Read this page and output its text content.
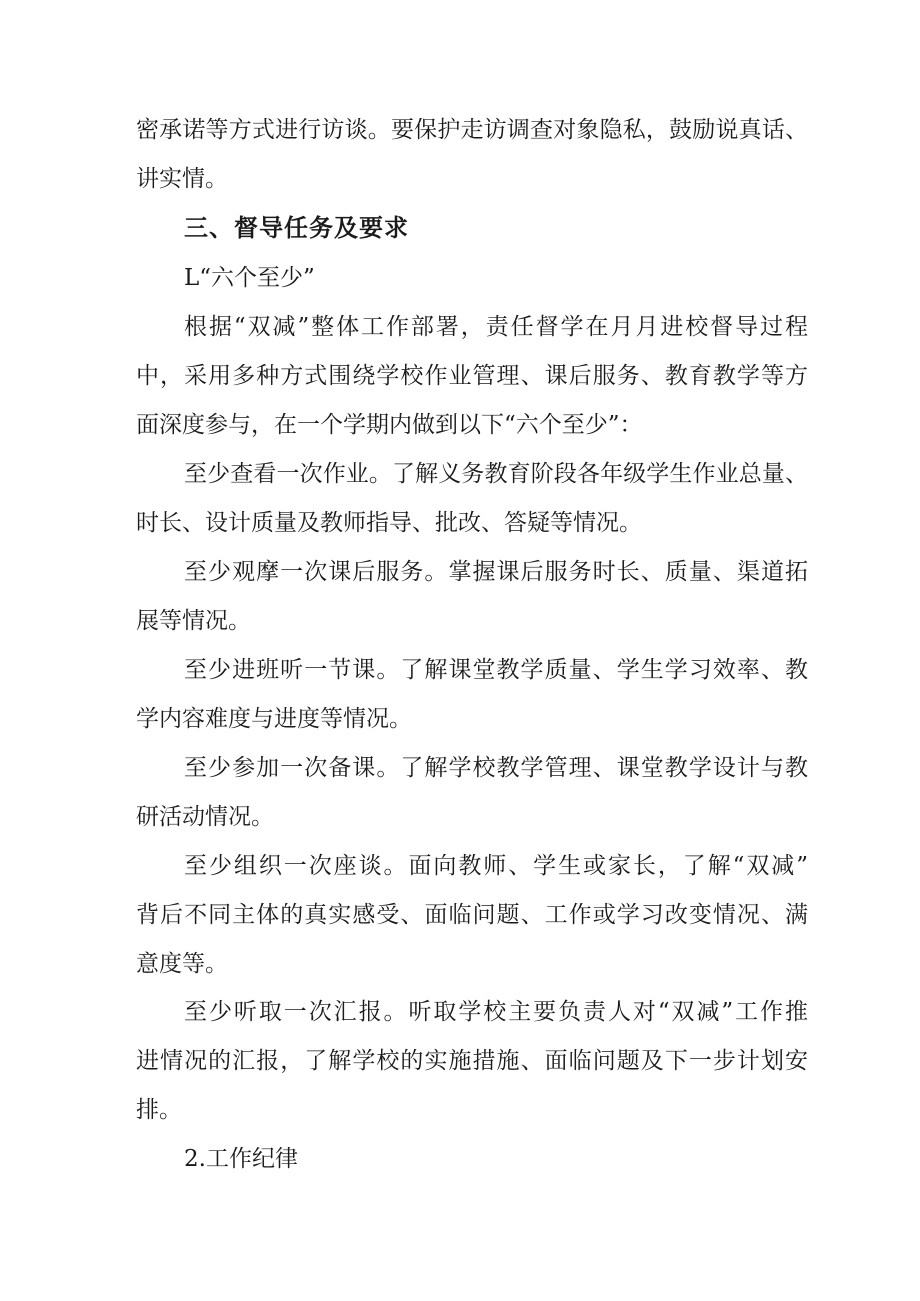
密承诺等方式进行访谈。要保护走访调查对象隐私，鼓励说真话、
讲实情。
三、督导任务及要求
L“六个至少”
根据“双减”整体工作部署，责任督学在月月进校督导过程
中，采用多种方式围绕学校作业管理、课后服务、教育教学等方
面深度参与，在一个学期内做到以下“六个至少”：
至少查看一次作业。了解义务教育阶段各年级学生作业总量、
时长、设计质量及教师指导、批改、答疑等情况。
至少观摩一次课后服务。掌握课后服务时长、质量、渠道拓
展等情况。
至少进班听一节课。了解课堂教学质量、学生学习效率、教
学内容难度与进度等情况。
至少参加一次备课。了解学校教学管理、课堂教学设计与教
研活动情况。
至少组织一次座谈。面向教师、学生或家长，了解“双减”
背后不同主体的真实感受、面临问题、工作或学习改变情况、满
意度等。
至少听取一次汇报。听取学校主要负责人对“双减”工作推
进情况的汇报，了解学校的实施措施、面临问题及下一步计划安
排。
2.工作纪律
